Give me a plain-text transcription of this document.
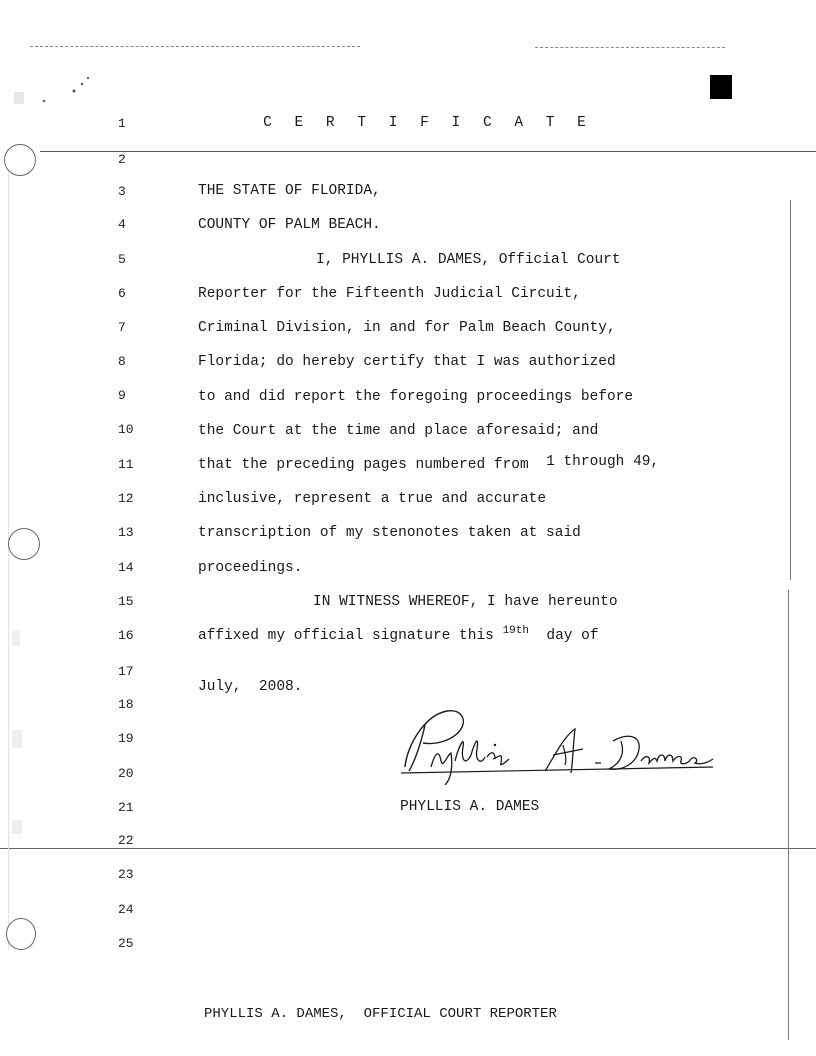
C E R T I F I C A T E
1
2
3
4
5
6
7
8
9
10
11
12
13
14
15
16
17
18
19
20
21
22
23
24
25
THE STATE OF FLORIDA,
COUNTY OF PALM BEACH.
I, PHYLLIS A. DAMES, Official Court
Reporter for the Fifteenth Judicial Circuit,
Criminal Division, in and for Palm Beach County,
Florida; do hereby certify that I was authorized
to and did report the foregoing proceedings before
the Court at the time and place aforesaid; and
that the preceding pages numbered from 1 through 49,
inclusive, represent a true and accurate
transcription of my stenonotes taken at said
proceedings.
IN WITNESS WHEREOF, I have hereunto
affixed my official signature this $^{19th}$ day of
July,  2008.
PHYLLIS A. DAMES
PHYLLIS A. DAMES,  OFFICIAL COURT REPORTER
